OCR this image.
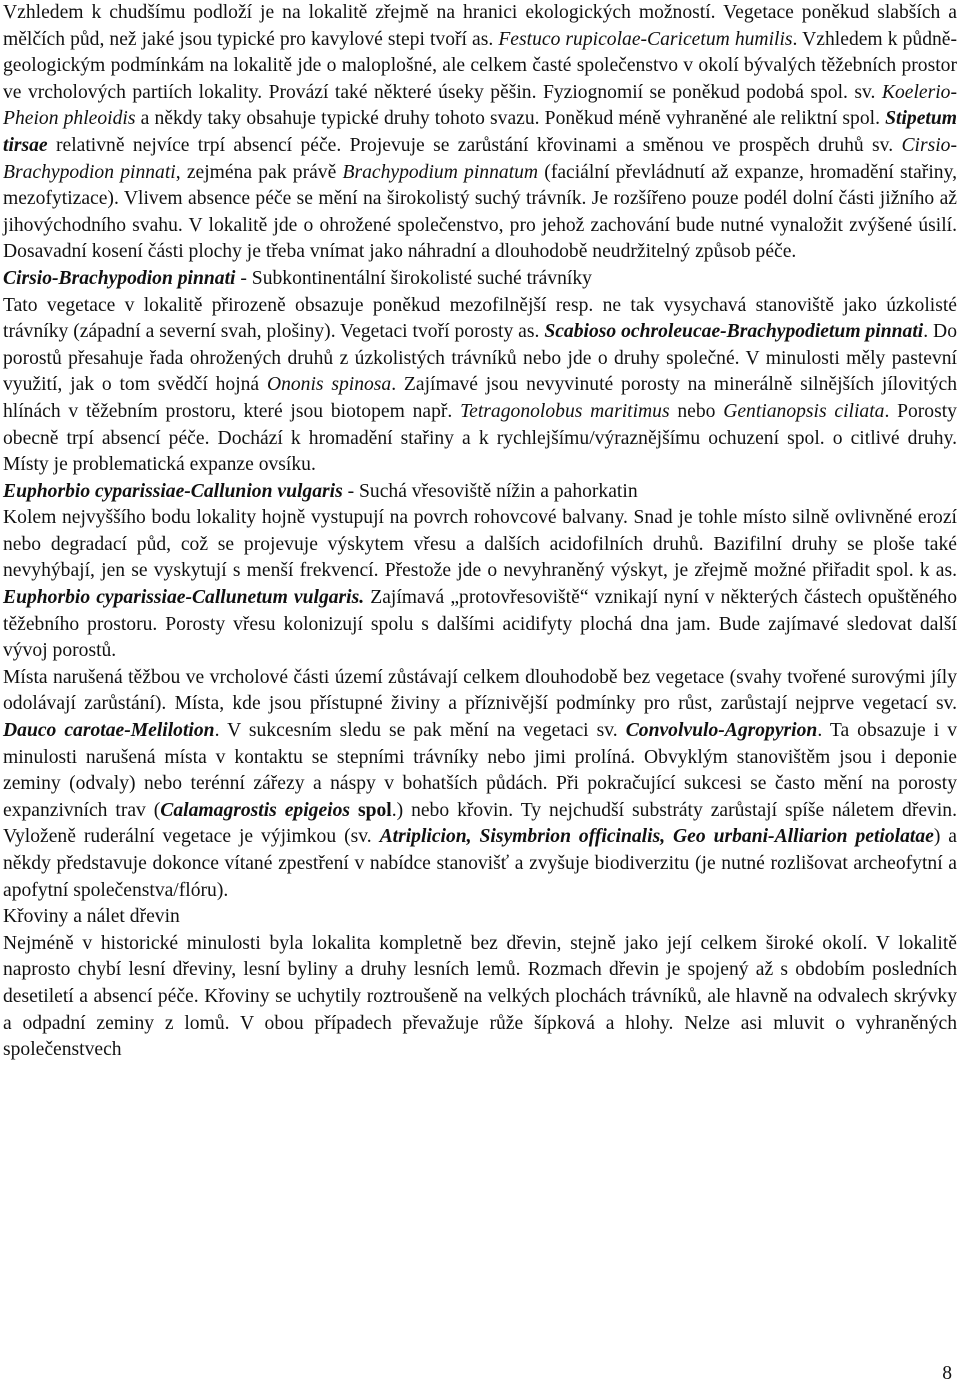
Vzhledem k chudšímu podloží je na lokalitě zřejmě na hranici ekologických možností. Vegetace poněkud slabších a mělčích půd, než jaké jsou typické pro kavylové stepi tvoří as. Festuco rupicolae-Caricetum humilis. Vzhledem k půdně-geologickým podmínkám na lokalitě jde o maloplošné, ale celkem časté společenstvo v okolí bývalých těžebních prostor ve vrcholových partiích lokality. Provází také některé úseky pěšin. Fyziognomií se poněkud podobá spol. sv. Koelerio-Pheion phleoidis a někdy taky obsahuje typické druhy tohoto svazu. Poněkud méně vyhraněné ale reliktní spol. Stipetum tirsae relativně nejvíce trpí absencí péče. Projevuje se zarůstání křovinami a směnou ve prospěch druhů sv. Cirsio-Brachypodion pinnati, zejména pak právě Brachypodium pinnatum (faciální převládnutí až expanze, hromadění stařiny, mezofytizace). Vlivem absence péče se mění na širokolistý suchý trávník. Je rozšířeno pouze podél dolní části jižního až jihovýchodního svahu. V lokalitě jde o ohrožené společenstvo, pro jehož zachování bude nutné vynaložit zvýšené úsilí. Dosavadní kosení části plochy je třeba vnímat jako náhradní a dlouhodobě neudržitelný způsob péče.

Cirsio-Brachypodion pinnati - Subkontinentální širokolisté suché trávníky

Tato vegetace v lokalitě přirozeně obsazuje poněkud mezofilnější resp. ne tak vysychavá stanoviště jako úzkolisté trávníky (západní a severní svah, plošiny). Vegetaci tvoří porosty as. Scabioso ochroleucae-Brachypodietum pinnati. Do porostů přesahuje řada ohrožených druhů z úzkolistých trávníků nebo jde o druhy společné. V minulosti měly pastevní využití, jak o tom svědčí hojná Ononis spinosa. Zajímavé jsou nevyvinuté porosty na minerálně silnějších jílovitých hlínách v těžebním prostoru, které jsou biotopem např. Tetragonolobus maritimus nebo Gentianopsis ciliata. Porosty obecně trpí absencí péče. Dochází k hromadění stařiny a k rychlejšímu/výraznějšímu ochuzení spol. o citlivé druhy. Místy je problematická expanze ovsíku.

Euphorbio cyparissiae-Callunion vulgaris - Suchá vřesoviště nížin a pahorkatin

Kolem nejvyššího bodu lokality hojně vystupují na povrch rohovcové balvany. Snad je tohle místo silně ovlivněné erozí nebo degradací půd, což se projevuje výskytem vřesu a dalších acidofilních druhů. Bazifilní druhy se ploše také nevyhýbají, jen se vyskytují s menší frekvencí. Přestože jde o nevyhraněný výskyt, je zřejmě možné přiřadit spol. k as. Euphorbio cyparissiae-Callunetum vulgaris. Zajímavá „protovřesoviště“ vznikají nyní v některých částech opuštěného těžebního prostoru. Porosty vřesu kolonizují spolu s dalšími acidifyty plochá dna jam. Bude zajímavé sledovat další vývoj porostů.

Místa narušená těžbou ve vrcholové části území zůstávají celkem dlouhodobě bez vegetace (svahy tvořené surovými jíly odolávají zarůstání). Místa, kde jsou přístupné živiny a příznivější podmínky pro růst, zarůstají nejprve vegetací sv. Dauco carotae-Melilotion. V sukcesním sledu se pak mění na vegetaci sv. Convolvulo-Agropyrion. Ta obsazuje i v minulosti narušená místa v kontaktu se stepními trávníky nebo jimi prolíná. Obvyklým stanovištěm jsou i deponie zeminy (odvaly) nebo terénní zářezy a náspy v bohatších půdách. Při pokračující sukcesi se často mění na porosty expanzivních trav (Calamagrostis epigeios spol.) nebo křovin. Ty nejchudší substráty zarůstají spíše náletem dřevin. Vyloženě ruderální vegetace je výjimkou (sv. Atriplicion, Sisymbrion officinalis, Geo urbani-Alliarion petiolatae) a někdy představuje dokonce vítané zpestření v nabídce stanovišť a zvyšuje biodiverzitu (je nutné rozlišovat archeofytní a apofytní společenstva/flóru).

Křoviny a nálet dřevin

Nejméně v historické minulosti byla lokalita kompletně bez dřevin, stejně jako její celkem široké okolí. V lokalitě naprosto chybí lesní dřeviny, lesní byliny a druhy lesních lemů. Rozmach dřevin je spojený až s obdobím posledních desetiletí a absencí péče. Křoviny se uchytily roztroušeně na velkých plochách trávníků, ale hlavně na odvalech skrývky a odpadní zeminy z lomů. V obou případech převažuje růže šípková a hlohy. Nelze asi mluvit o vyhraněných společenstvech

8
